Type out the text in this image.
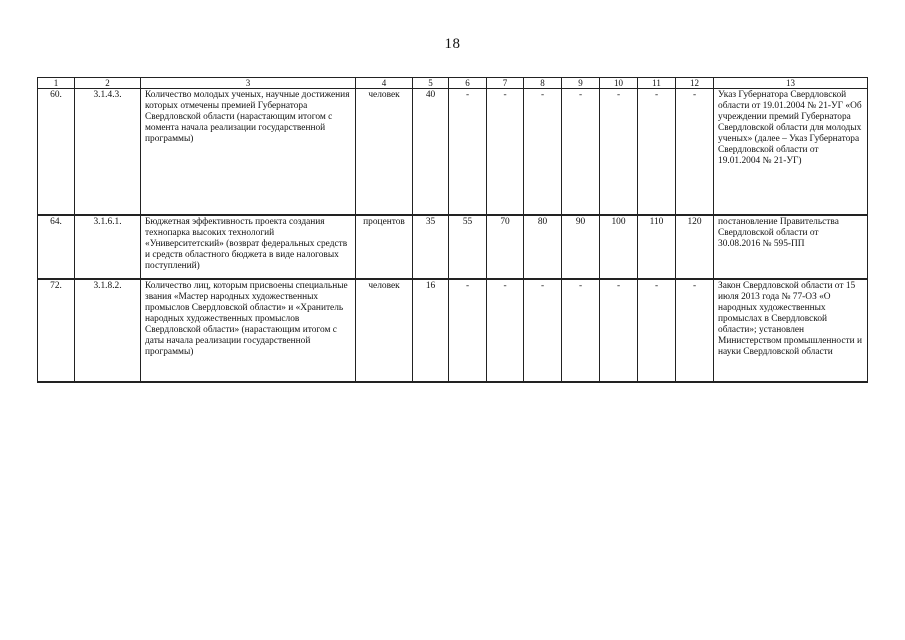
18
1	2	3	4	5	6	7	8	9	10	11	12	13
60.	3.1.4.3.	Количество молодых ученых, научные достижения которых отмечены премией Губернатора Свердловской области (нарастающим итогом с момента начала реализации государственной программы)	человек	40	-	-	-	-	-	-	-	Указ Губернатора Свердловской области от 19.01.2004 № 21-УГ «Об учреждении премий Губернатора Свердловской области для молодых ученых» (далее – Указ Губернатора Свердловской области от 19.01.2004 № 21-УГ)
64.	3.1.6.1.	Бюджетная эффективность проекта создания технопарка высоких технологий «Университетский» (возврат федеральных средств и средств областного бюджета в виде налоговых поступлений)	процентов	35	55	70	80	90	100	110	120	постановление Правительства Свердловской области от 30.08.2016 № 595-ПП
72.	3.1.8.2.	Количество лиц, которым присвоены специальные звания «Мастер народных художественных промыслов Свердловской области» и «Хранитель народных художественных промыслов Свердловской области» (нарастающим итогом с даты начала реализации государственной программы)	человек	16	-	-	-	-	-	-	-	Закон Свердловской области от 15 июля 2013 года № 77-ОЗ «О народных художественных промыслах в Свердловской области»; установлен Министерством промышленности и науки Свердловской области
